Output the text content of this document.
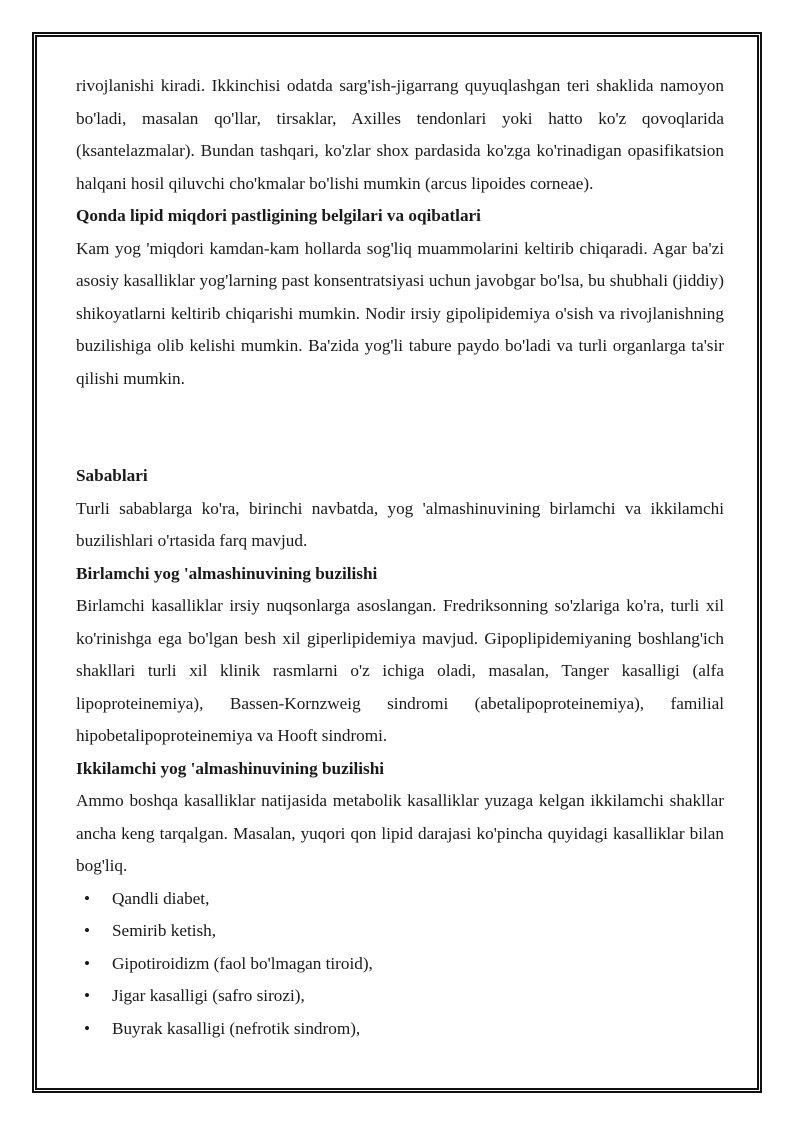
rivojlanishi kiradi. Ikkinchisi odatda sarg'ish-jigarrang quyuqlashgan teri shaklida namoyon bo'ladi, masalan qo'llar, tirsaklar, Axilles tendonlari yoki hatto ko'z qovoqlarida (ksantelazmalar). Bundan tashqari, ko'zlar shox pardasida ko'zga ko'rinadigan opasifikatsion halqani hosil qiluvchi cho'kmalar bo'lishi mumkin (arcus lipoides corneae).

Qonda lipid miqdori pastligining belgilari va oqibatlari

Kam yog 'miqdori kamdan-kam hollarda sog'liq muammolarini keltirib chiqaradi. Agar ba'zi asosiy kasalliklar yog'larning past konsentratsiyasi uchun javobgar bo'lsa, bu shubhali (jiddiy) shikoyatlarni keltirib chiqarishi mumkin. Nodir irsiy gipolipidemiya o'sish va rivojlanishning buzilishiga olib kelishi mumkin. Ba'zida yog'li tabure paydo bo'ladi va turli organlarga ta'sir qilishi mumkin.

Sabablari

Turli sabablarga ko'ra, birinchi navbatda, yog 'almashinuvining birlamchi va ikkilamchi buzilishlari o'rtasida farq mavjud.

Birlamchi yog 'almashinuvining buzilishi

Birlamchi kasalliklar irsiy nuqsonlarga asoslangan. Fredriksonning so'zlariga ko'ra, turli xil ko'rinishga ega bo'lgan besh xil giperlipidemiya mavjud. Gipoplipidemiyaning boshlang'ich shakllari turli xil klinik rasmlarni o'z ichiga oladi, masalan, Tanger kasalligi (alfa lipoproteinemiya), Bassen-Kornzweig sindromi (abetalipoproteinemiya), familial hipobetalipoproteinemiya va Hooft sindromi.

Ikkilamchi yog 'almashinuvining buzilishi

Ammo boshqa kasalliklar natijasida metabolik kasalliklar yuzaga kelgan ikkilamchi shakllar ancha keng tarqalgan. Masalan, yuqori qon lipid darajasi ko'pincha quyidagi kasalliklar bilan bog'liq.

• Qandli diabet,
• Semirib ketish,
• Gipotiroidizm (faol bo'lmagan tiroid),
• Jigar kasalligi (safro sirozi),
• Buyrak kasalligi (nefrotik sindrom),
